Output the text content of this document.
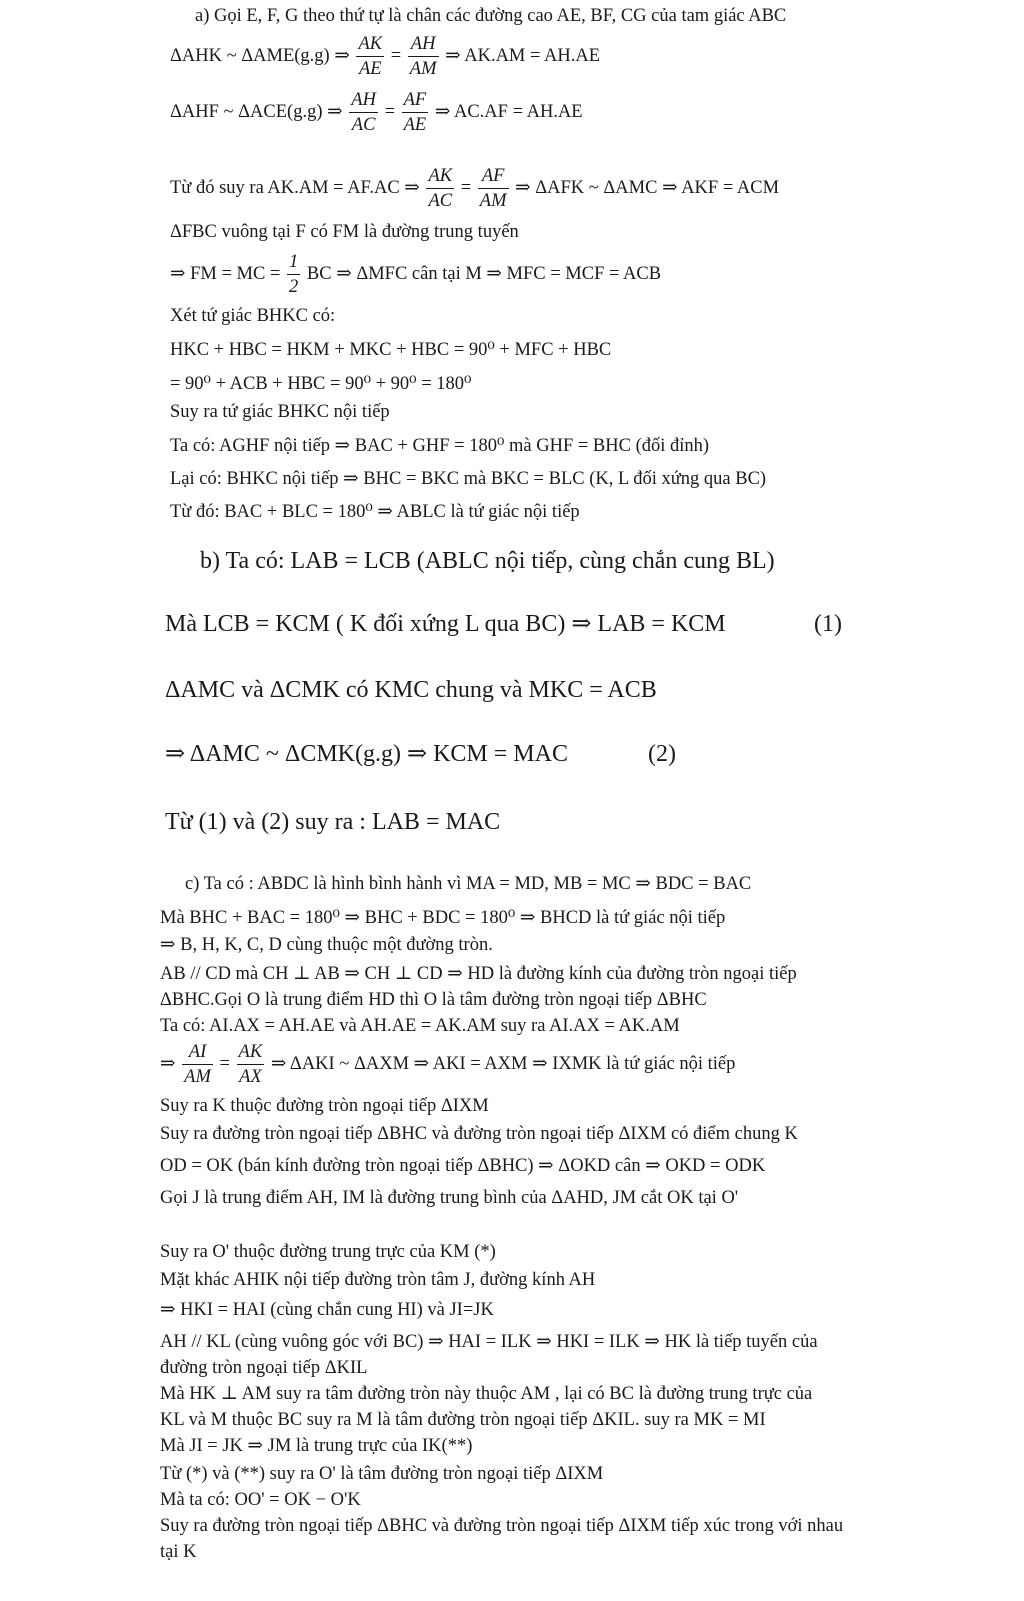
a) Gọi E, F, G theo thứ tự là chân các đường cao AE, BF, CG của tam giác ABC
ΔAHK ~ ΔAME(g.g) ⇒ $\frac{AK}{AE} = \frac{AH}{AM}$ ⇒ AK.AM = AH.AE
ΔAHF ~ ΔACE(g.g) ⇒ $\frac{AH}{AC} = \frac{AF}{AE}$ ⇒ AC.AF = AH.AE
Từ đó suy ra AK.AM = AF.AC ⇒ $\frac{AK}{AC} = \frac{AF}{AM}$ ⇒ ΔAFK ~ ΔAMC ⇒ AKF = ACM
ΔFBC vuông tại F có FM là đường trung tuyến
⇒ FM = MC = $\frac{1}{2}$ BC ⇒ ΔMFC cân tại M ⇒ MFC = MCF = ACB
Xét tứ giác BHKC có:
HKC + HBC = HKM + MKC + HBC = 90⁰ + MFC + HBC
= 90⁰ + ACB + HBC = 90⁰ + 90⁰ = 180⁰
Suy ra tứ giác BHKC nội tiếp
Ta có: AGHF nội tiếp ⇒ BAC + GHF = 180⁰ mà GHF = BHC (đối đỉnh)
Lại có: BHKC nội tiếp ⇒ BHC = BKC mà BKC = BLC (K, L đối xứng qua BC)
Từ đó: BAC + BLC = 180⁰ ⇒ ABLC là tứ giác nội tiếp
b) Ta có: LAB = LCB (ABLC nội tiếp, cùng chắn cung BL)
Mà LCB = KCM ( K đối xứng L qua BC) ⇒ LAB = KCM	(1)
ΔAMC và ΔCMK có KMC chung và MKC = ACB
⇒ ΔAMC ~ ΔCMK(g.g) ⇒ KCM = MAC	(2)
Từ (1) và (2) suy ra : LAB = MAC
c) Ta có : ABDC là hình bình hành vì MA = MD, MB = MC ⇒ BDC = BAC
Mà BHC + BAC = 180⁰ ⇒ BHC + BDC = 180⁰ ⇒ BHCD là tứ giác nội tiếp
⇒ B, H, K, C, D cùng thuộc một đường tròn.
AB // CD mà CH ⊥ AB ⇒ CH ⊥ CD ⇒ HD là đường kính của đường tròn ngoại tiếp
ΔBHC.Gọi O là trung điểm HD thì O là tâm đường tròn ngoại tiếp ΔBHC
Ta có: AI.AX = AH.AE và AH.AE = AK.AM suy ra AI.AX = AK.AM
⇒ $\frac{AI}{AM} = \frac{AK}{AX}$ ⇒ ΔAKI ~ ΔAXM ⇒ AKI = AXM ⇒ IXMK là tứ giác nội tiếp
Suy ra K thuộc đường tròn ngoại tiếp ΔIXM
Suy ra đường tròn ngoại tiếp ΔBHC và đường tròn ngoại tiếp ΔIXM có điểm chung K
OD = OK (bán kính đường tròn ngoại tiếp ΔBHC) ⇒ ΔOKD cân ⇒ OKD = ODK
Gọi J là trung điểm AH, IM là đường trung bình của ΔAHD, JM cắt OK tại O'
Suy ra O' thuộc đường trung trực của KM (*)
Mặt khác AHIK nội tiếp đường tròn tâm J, đường kính AH
⇒ HKI = HAI (cùng chắn cung HI) và JI=JK
AH // KL (cùng vuông góc với BC) ⇒ HAI = ILK ⇒ HKI = ILK ⇒ HK là tiếp tuyến của
đường tròn ngoại tiếp ΔKIL
Mà HK ⊥ AM suy ra tâm đường tròn này thuộc AM , lại có BC là đường trung trực của
KL và M thuộc BC suy ra M là tâm đường tròn ngoại tiếp ΔKIL. suy ra MK = MI
Mà JI = JK ⇒ JM là trung trực của IK(**)
Từ (*) và (**) suy ra O' là tâm đường tròn ngoại tiếp ΔIXM
Mà ta có: OO' = OK − O'K
Suy ra đường tròn ngoại tiếp ΔBHC và đường tròn ngoại tiếp ΔIXM tiếp xúc trong với nhau
tại K
